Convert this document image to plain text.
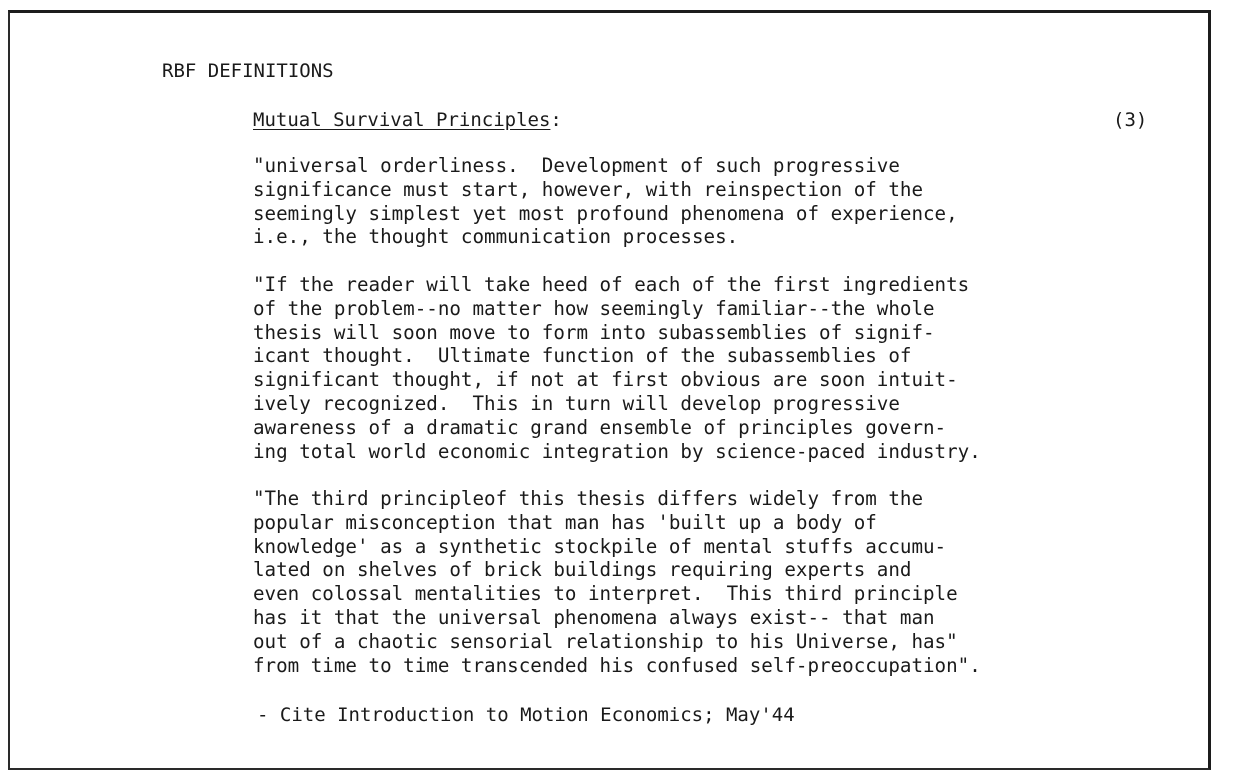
RBF DEFINITIONS
Mutual Survival Principles:	(3)
"universal orderliness.  Development of such progressive
significance must start, however, with reinspection of the
seemingly simplest yet most profound phenomena of experience,
i.e., the thought communication processes.
"If the reader will take heed of each of the first ingredients
of the problem--no matter how seemingly familiar--the whole
thesis will soon move to form into subassemblies of signif-
icant thought.  Ultimate function of the subassemblies of
significant thought, if not at first obvious are soon intuit-
ively recognized.  This in turn will develop progressive
awareness of a dramatic grand ensemble of principles govern-
ing total world economic integration by science-paced industry.
"The third principleof this thesis differs widely from the
popular misconception that man has 'built up a body of
knowledge' as a synthetic stockpile of mental stuffs accumu-
lated on shelves of brick buildings requiring experts and
even colossal mentalities to interpret.  This third principle
has it that the universal phenomena always exist-- that man
out of a chaotic sensorial relationship to his Universe, has"
from time to time transcended his confused self-preoccupation".
- Cite Introduction to Motion Economics; May'44
